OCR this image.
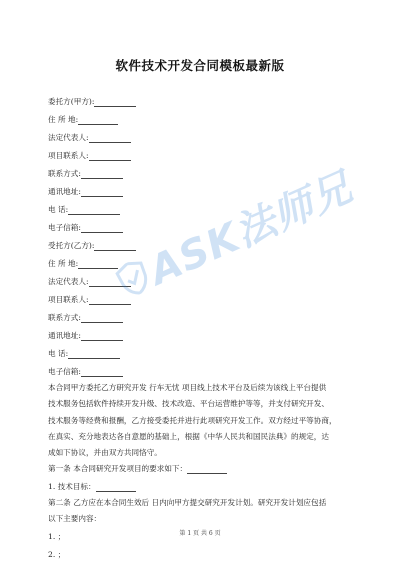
软件技术开发合同模板最新版
委托方(甲方):
住 所 地:
法定代表人:
项目联系人:
联系方式:
通讯地址:
电 话:
电子信箱:
受托方(乙方):
住 所 地:
法定代表人:
项目联系人:
联系方式:
通讯地址:
电 话:
电子信箱:
本合同甲方委托乙方研究开发 行车无忧 项目线上技术平台及后续为该线上平台提供
技术服务包括软件持续开发升级、技术改造、平台运营维护等等，并支付研究开发、
技术服务等经费和报酬，乙方接受委托并进行此项研究开发工作。双方经过平等协商，
在真实、充分地表达各自意愿的基础上，根据《中华人民共和国民法典》的规定，达
成如下协议，并由双方共同恪守。
第一条 本合同研究开发项目的要求如下：
1. 技术目标：
第二条 乙方应在本合同生效后 日内向甲方提交研究开发计划。研究开发计划应包括
以下主要内容：
1. ；
2. ；
ASK法师兄
第 1 页 共 6 页
